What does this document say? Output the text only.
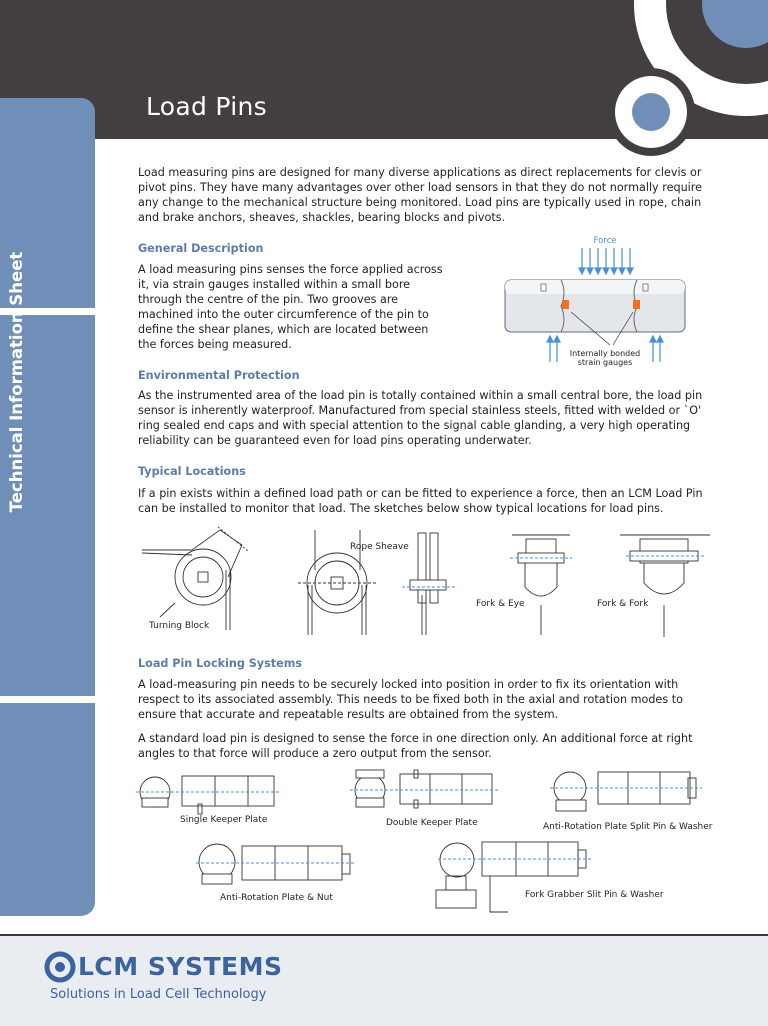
Load Pins
Technical Information Sheet
Load measuring pins are designed for many diverse applications as direct replacements for clevis or pivot pins. They have many advantages over other load sensors in that they do not normally require any change to the mechanical structure being monitored. Load pins are typically used in rope, chain and brake anchors, sheaves, shackles, bearing blocks and pivots.
General Description
A load measuring pins senses the force applied across it, via strain gauges installed within a small bore through the centre of the pin. Two grooves are machined into the outer circumference of the pin to define the shear planes, which are located between the forces being measured.
Force
Internally bonded
strain gauges
Environmental Protection
As the instrumented area of the load pin is totally contained within a small central bore, the load pin sensor is inherently waterproof. Manufactured from special stainless steels, fitted with welded or `O' ring sealed end caps and with special attention to the signal cable glanding, a very high operating reliability can be guaranteed even for load pins operating underwater.
Typical Locations
If a pin exists within a defined load path or can be fitted to experience a force, then an LCM Load Pin can be installed to monitor that load. The sketches below show typical locations for load pins.
Turning Block
Rope Sheave
Fork & Eye	Fork & Fork
Load Pin Locking Systems
A load-measuring pin needs to be securely locked into position in order to fix its orientation with respect to its associated assembly. This needs to be fixed both in the axial and rotation modes to ensure that accurate and repeatable results are obtained from the system.
A standard load pin is designed to sense the force in one direction only. An additional force at right angles to that force will produce a zero output from the sensor.
Single Keeper Plate	Double Keeper Plate	Anti-Rotation Plate Split Pin & Washer
Anti-Rotation Plate & Nut	Fork Grabber Slit Pin & Washer
LCM SYSTEMS
Solutions in Load Cell Technology
